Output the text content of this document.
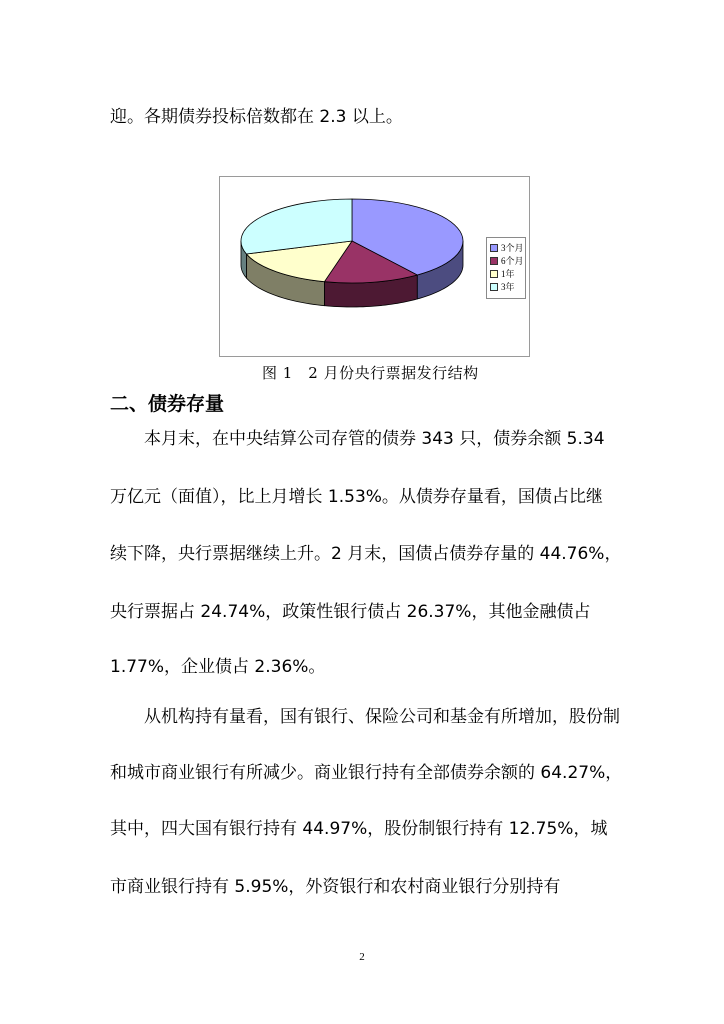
迎。各期债券投标倍数都在 2.3 以上。
3个月
6个月
1年
3年
图 1　2 月份央行票据发行结构
二、债券存量
本月末，在中央结算公司存管的债券 343 只，债券余额 5.34
万亿元（面值），比上月增长 1.53%。从债券存量看，国债占比继
续下降，央行票据继续上升。2 月末，国债占债券存量的 44.76%，
央行票据占 24.74%，政策性银行债占 26.37%，其他金融债占
1.77%，企业债占 2.36%。
从机构持有量看，国有银行、保险公司和基金有所增加，股份制
和城市商业银行有所减少。商业银行持有全部债券余额的 64.27%，
其中，四大国有银行持有 44.97%，股份制银行持有 12.75%，城
市商业银行持有 5.95%，外资银行和农村商业银行分别持有
2
